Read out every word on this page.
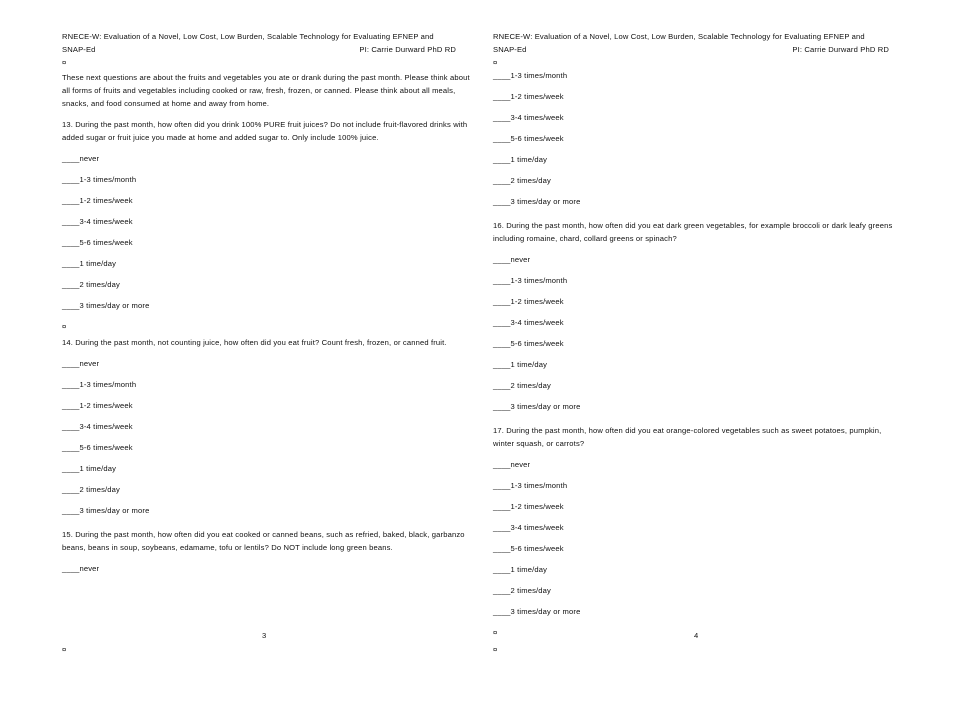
RNECE-W: Evaluation of a Novel, Low Cost, Low Burden, Scalable Technology for Evaluating EFNEP and
SNAP-Ed	PI: Carrie Durward PhD RD
¤
These next questions are about the fruits and vegetables you ate or drank during the past month. Please think about all forms of fruits and vegetables including cooked or raw, fresh, frozen, or canned. Please think about all meals, snacks, and food consumed at home and away from home.
13. During the past month, how often did you drink 100% PURE fruit juices? Do not include fruit-flavored drinks with added sugar or fruit juice you made at home and added sugar to. Only include 100% juice.
____never
____1-3 times/month
____1-2 times/week
____3-4 times/week
____5-6 times/week
____1 time/day
____2 times/day
____3 times/day or more
¤
14. During the past month, not counting juice, how often did you eat fruit? Count fresh, frozen, or canned fruit.
____never
____1-3 times/month
____1-2 times/week
____3-4 times/week
____5-6 times/week
____1 time/day
____2 times/day
____3 times/day or more
15. During the past month, how often did you eat cooked or canned beans, such as refried, baked, black, garbanzo beans, beans in soup, soybeans, edamame, tofu or lentils? Do NOT include long green beans.
____never
3
¤
RNECE-W: Evaluation of a Novel, Low Cost, Low Burden, Scalable Technology for Evaluating EFNEP and
SNAP-Ed	PI: Carrie Durward PhD RD
¤
____1-3 times/month
____1-2 times/week
____3-4 times/week
____5-6 times/week
____1 time/day
____2 times/day
____3 times/day or more
16. During the past month, how often did you eat dark green vegetables, for example broccoli or dark leafy greens including romaine, chard, collard greens or spinach?
____never
____1-3 times/month
____1-2 times/week
____3-4 times/week
____5-6 times/week
____1 time/day
____2 times/day
____3 times/day or more
17. During the past month, how often did you eat orange-colored vegetables such as sweet potatoes, pumpkin, winter squash, or carrots?
____never
____1-3 times/month
____1-2 times/week
____3-4 times/week
____5-6 times/week
____1 time/day
____2 times/day
____3 times/day or more
¤	4
¤
